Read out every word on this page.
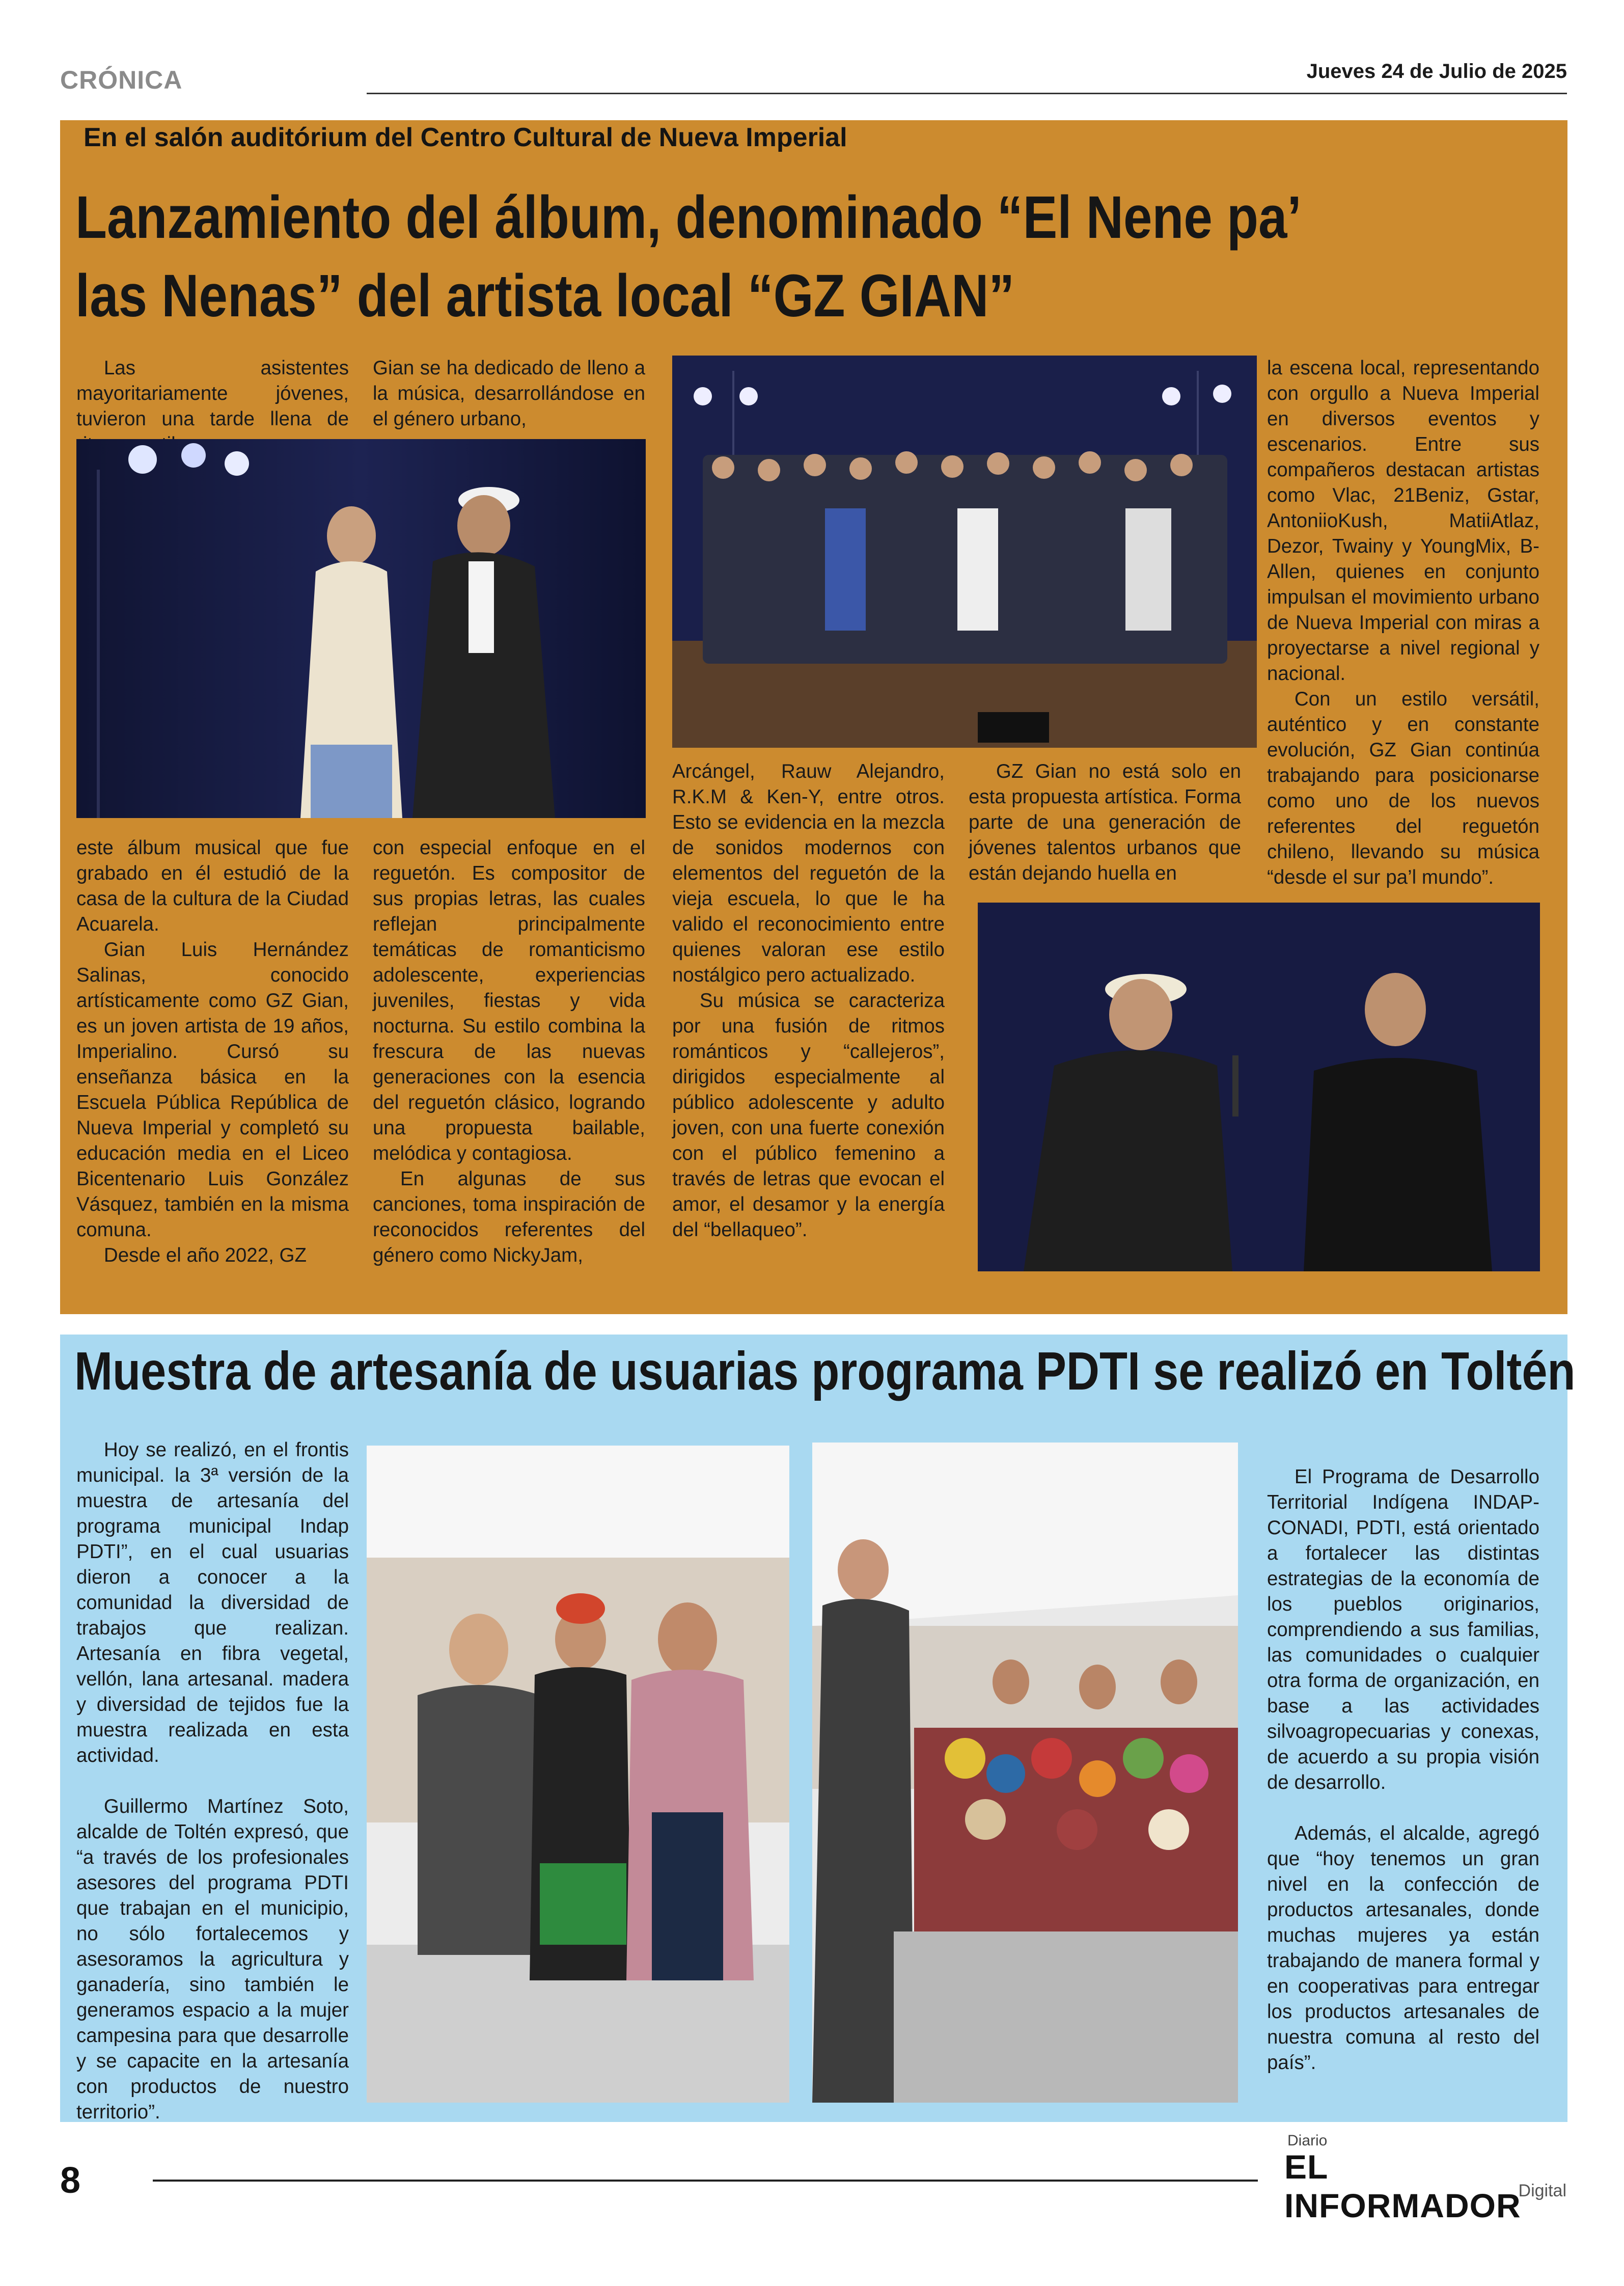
CRÓNICA	Jueves 24 de Julio de 2025
En el salón auditórium del Centro Cultural de Nueva Imperial
Lanzamiento del álbum, denominado “El Nene pa’ las Nenas” del artista local “GZ GIAN”

Las asistentes mayoritariamente jóvenes, tuvieron una tarde llena de

Gian se ha dedicado de lleno a la música, desarrollándose en el género urbano,

este álbum musical que fue grabado en él estudió de la casa de la cultura de la Ciudad Acuarela.

Gian Luis Hernández Salinas, conocido artísticamente como GZ Gian, es un joven artista de 19 años, Imperialino. Cursó su enseñanza básica en la Escuela Pública República de Nueva Imperial y completó su educación media en el Liceo Bicentenario Luis González Vásquez, también en la misma comuna.

Desde el año 2022, GZ

con especial enfoque en el reguetón. Es compositor de sus propias letras, las cuales reflejan principalmente temáticas de romanticismo adolescente, experiencias juveniles, fiestas y vida nocturna. Su estilo combina la frescura de las nuevas generaciones con la esencia del reguetón clásico, logrando una propuesta bailable, melódica y contagiosa.

En algunas de sus canciones, toma inspiración de reconocidos referentes del género como NickyJam,

Arcángel, Rauw Alejandro, R.K.M & Ken-Y, entre otros. Esto se evidencia en la mezcla de sonidos modernos con elementos del reguetón de la vieja escuela, lo que le ha valido el reconocimiento entre quienes valoran ese estilo nostálgico pero actualizado.

Su música se caracteriza por una fusión de ritmos románticos y “callejeros”, dirigidos especialmente al público adolescente y adulto joven, con una fuerte conexión con el público femenino a través de letras que evocan el amor, el desamor y la energía del “bellaqueo”.

GZ Gian no está solo en esta propuesta artística. Forma parte de una generación de jóvenes talentos urbanos que están dejando huella en

la escena local, representando con orgullo a Nueva Imperial en diversos eventos y escenarios. Entre sus compañeros destacan artistas como Vlac, 21Beniz, Gstar, AntoniioKush, MatiiAtlaz, Dezor, Twainy y YoungMix, B-Allen, quienes en conjunto impulsan el movimiento urbano de Nueva Imperial con miras a proyectarse a nivel regional y nacional.

Con un estilo versátil, auténtico y en constante evolución, GZ Gian continúa trabajando para posicionarse como uno de los nuevos referentes del reguetón chileno, llevando su música “desde el sur pa’l mundo”.

Muestra de artesanía de usuarias programa PDTI se realizó en Toltén

Hoy se realizó, en el frontis municipal. la 3ª versión de la muestra de artesanía del programa municipal Indap PDTI”, en el cual usuarias dieron a conocer a la comunidad la diversidad de trabajos que realizan. Artesanía en fibra vegetal, vellón, lana artesanal. madera y diversidad de tejidos fue la muestra realizada en esta actividad.

Guillermo Martínez Soto, alcalde de Toltén expresó, que “a través de los profesionales asesores del programa PDTI que trabajan en el municipio, no sólo fortalecemos y asesoramos la agricultura y ganadería, sino también le generamos espacio a la mujer campesina para que desarrolle y se capacite en la artesanía con productos de nuestro territorio”.

El Programa de Desarrollo Territorial Indígena INDAP-CONADI, PDTI, está orientado a fortalecer las distintas estrategias de la economía de los pueblos originarios, comprendiendo a sus familias, las comunidades o cualquier otra forma de organización, en base a las actividades silvoagropecuarias y conexas, de acuerdo a su propia visión de desarrollo.

Además, el alcalde, agregó que “hoy tenemos un gran nivel en la confección de productos artesanales, donde muchas mujeres ya están trabajando de manera formal y en cooperativas para entregar los productos artesanales de nuestra comuna al resto del país”.

8
Diario
EL INFORMADOR
Digital
